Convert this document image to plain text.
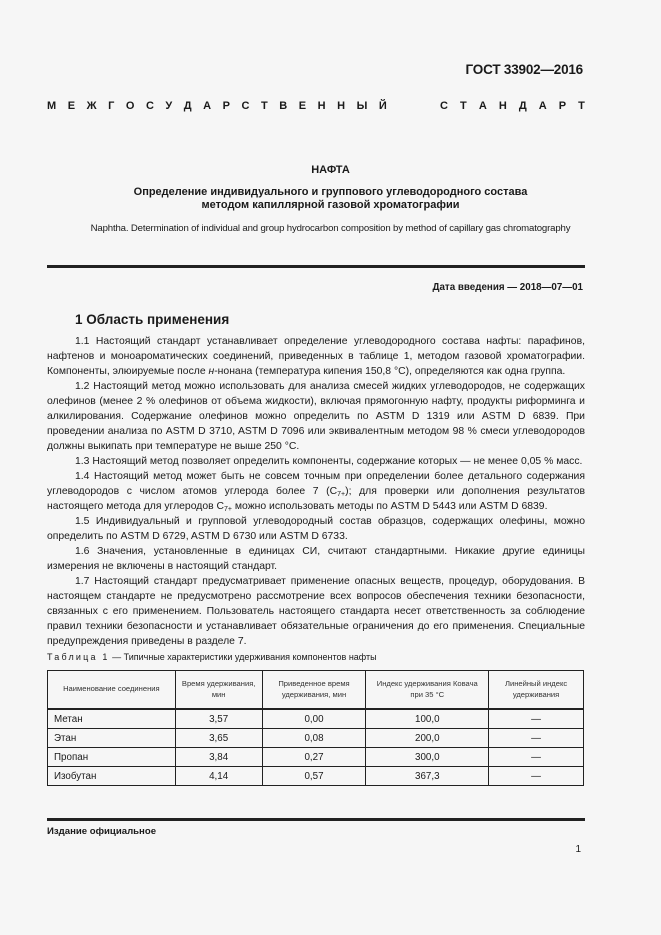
ГОСТ 33902—2016
М Е Ж Г О С У Д А Р С Т В Е Н Н Ы Й	С Т А Н Д А Р Т
НАФТА
Определение индивидуального и группового углеводородного состава
методом капиллярной газовой хроматографии
Naphtha. Determination of individual and group hydrocarbon composition by method of capillary gas chromatography
Дата введения — 2018—07—01
1 Область применения

1.1 Настоящий стандарт устанавливает определение углеводородного состава нафты: парафинов, нафтенов и моноароматических соединений, приведенных в таблице 1, методом газовой хроматографии. Компоненты, элюируемые после н-нонана (температура кипения 150,8 °С), определяются как одна группа.

1.2 Настоящий метод можно использовать для анализа смесей жидких углеводородов, не содержащих олефинов (менее 2 % олефинов от объема жидкости), включая прямогонную нафту, продукты риформинга и алкилирования. Содержание олефинов можно определить по ASTM D 1319 или ASTM D 6839. При проведении анализа по ASTM D 3710, ASTM D 7096 или эквивалентным методом 98 % смеси углеводородов должны выкипать при температуре не выше 250 °С.

1.3 Настоящий метод позволяет определить компоненты, содержание которых — не менее 0,05 % масс.

1.4 Настоящий метод может быть не совсем точным при определении более детального содержания углеводородов с числом атомов углерода более 7 $(C_{7+})$; для проверки или дополнения результатов настоящего метода для углеродов $C_{7+}$ можно использовать методы по ASTM D 5443 или ASTM D 6839.

1.5 Индивидуальный и групповой углеводородный состав образцов, содержащих олефины, можно определить по ASTM D 6729, ASTM D 6730 или ASTM D 6733.

1.6 Значения, установленные в единицах СИ, считают стандартными. Никакие другие единицы измерения не включены в настоящий стандарт.

1.7 Настоящий стандарт предусматривает применение опасных веществ, процедур, оборудования. В настоящем стандарте не предусмотрено рассмотрение всех вопросов обеспечения техники безопасности, связанных с его применением. Пользователь настоящего стандарта несет ответственность за соблюдение правил техники безопасности и устанавливает обязательные ограничения до его применения. Специальные предупреждения приведены в разделе 7.

Таблица 1 — Типичные характеристики удерживания компонентов нафты
Наименование соединения	Время удерживания, мин	Приведенное время удерживания, мин	Индекс удерживания Ковача при 35 °С	Линейный индекс удерживания
Метан	3,57	0,00	100,0	—
Этан	3,65	0,08	200,0	—
Пропан	3,84	0,27	300,0	—
Изобутан	4,14	0,57	367,3	—
Издание официальное
1
